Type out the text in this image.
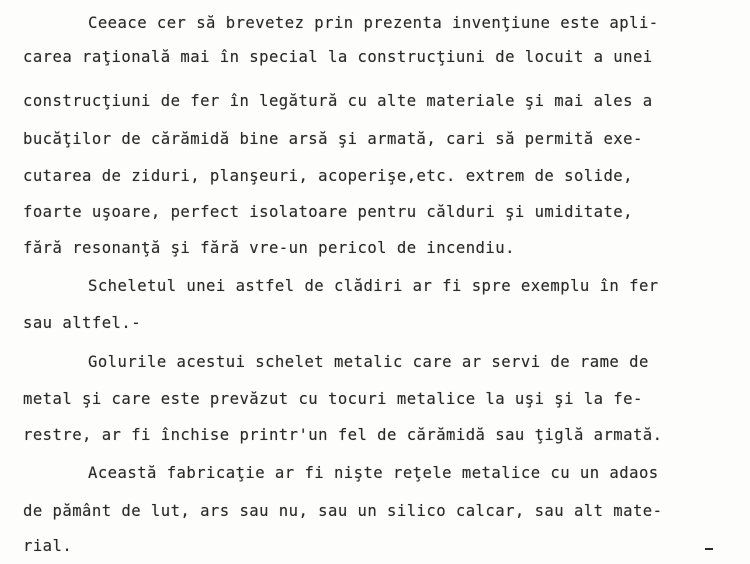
Ceeace cer să brevetez prin prezenta invenţiune este apli-
carea raţională mai în special la construcţiuni de locuit a unei
construcţiuni de fer în legătură cu alte materiale şi mai ales a
bucăţilor de cărămidă bine arsă şi armată, cari să permită exe-
cutarea de ziduri, planşeuri, acoperişe,etc. extrem de solide,
foarte uşoare, perfect isolatoare pentru călduri şi umiditate,
fără resonanţă şi fără vre-un pericol de incendiu.
Scheletul unei astfel de clădiri ar fi spre exemplu în fer
sau altfel.-
Golurile acestui schelet metalic care ar servi de rame de
metal şi care este prevăzut cu tocuri metalice la uşi şi la fe-
restre, ar fi închise printr'un fel de cărămidă sau ţiglă armată.
Această fabricaţie ar fi nişte reţele metalice cu un adaos
de pământ de lut, ars sau nu, sau un silico calcar, sau alt mate-
rial.
